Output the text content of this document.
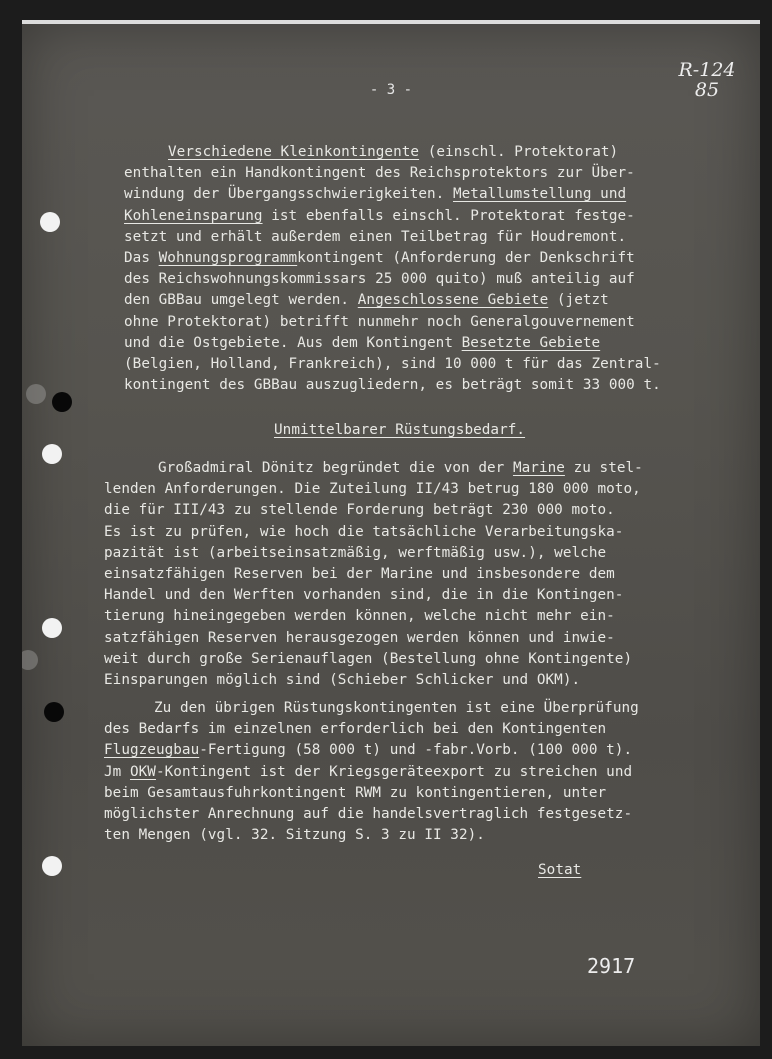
R-124
85
- 3 -
Verschiedene Kleinkontingente (einschl. Protektorat)
enthalten ein Handkontingent des Reichsprotektors zur Über-
windung der Übergangsschwierigkeiten. Metallumstellung und
Kohleneinsparung ist ebenfalls einschl. Protektorat festge-
setzt und erhält außerdem einen Teilbetrag für Houdremont.
Das Wohnungsprogrammkontingent (Anforderung der Denkschrift
des Reichswohnungskommissars 25 000 quito) muß anteilig auf
den GBBau umgelegt werden. Angeschlossene Gebiete (jetzt
ohne Protektorat) betrifft nunmehr noch Generalgouvernement
und die Ostgebiete. Aus dem Kontingent Besetzte Gebiete
(Belgien, Holland, Frankreich), sind 10 000 t für das Zentral-
kontingent des GBBau auszugliedern, es beträgt somit 33 000 t.
Unmittelbarer Rüstungsbedarf.
Großadmiral Dönitz begründet die von der Marine zu stel-
lenden Anforderungen. Die Zuteilung II/43 betrug 180 000 moto,
die für III/43 zu stellende Forderung beträgt 230 000 moto.
Es ist zu prüfen, wie hoch die tatsächliche Verarbeitungska-
pazität ist (arbeitseinsatzmäßig, werftmäßig usw.), welche
einsatzfähigen Reserven bei der Marine und insbesondere dem
Handel und den Werften vorhanden sind, die in die Kontingen-
tierung hineingegeben werden können, welche nicht mehr ein-
satzfähigen Reserven herausgezogen werden können und inwie-
weit durch große Serienauflagen (Bestellung ohne Kontingente)
Einsparungen möglich sind (Schieber Schlicker und OKM).
Zu den übrigen Rüstungskontingenten ist eine Überprüfung
des Bedarfs im einzelnen erforderlich bei den Kontingenten
Flugzeugbau-Fertigung (58 000 t) und -fabr.Vorb. (100 000 t).
Jm OKW-Kontingent ist der Kriegsgeräteexport zu streichen und
beim Gesamtausfuhrkontingent RWM zu kontingentieren, unter
möglichster Anrechnung auf die handelsvertraglich festgesetz-
ten Mengen (vgl. 32. Sitzung S. 3 zu II 32).
Sotat
2917
